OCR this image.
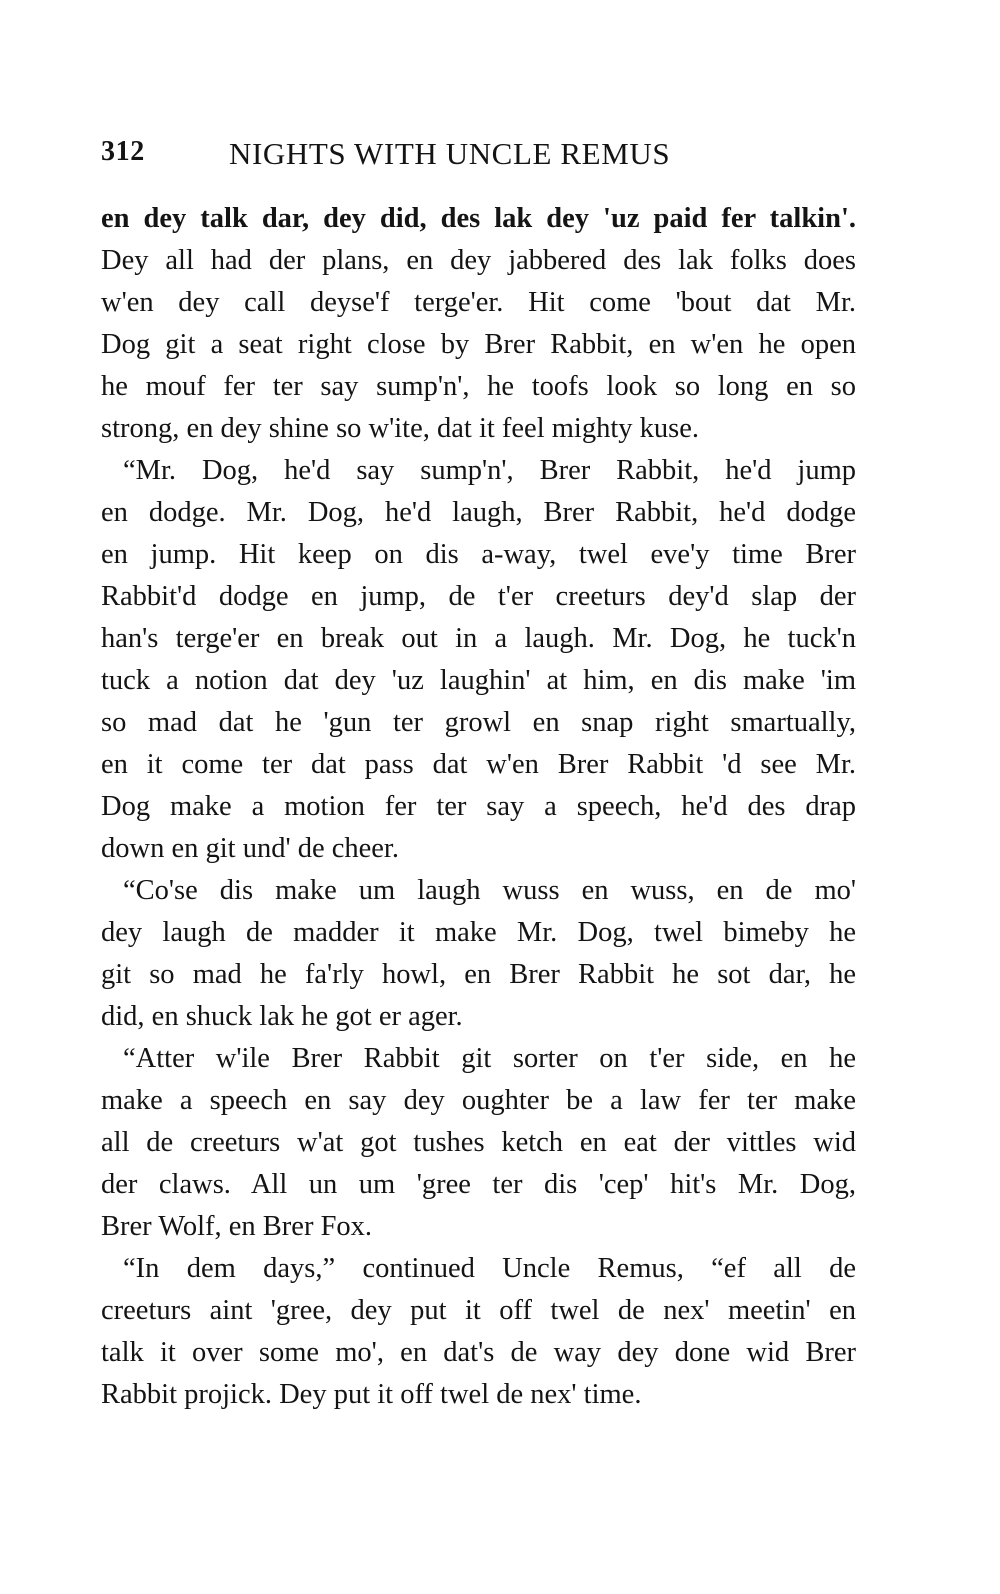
312	NIGHTS WITH UNCLE REMUS
en dey talk dar, dey did, des lak dey 'uz paid fer talkin'.
Dey all had der plans, en dey jabbered des lak folks does
w'en dey call deyse'f terge'er. Hit come 'bout dat Mr.
Dog git a seat right close by Brer Rabbit, en w'en he open
he mouf fer ter say sump'n', he toofs look so long en so
strong, en dey shine so w'ite, dat it feel mighty kuse.
“Mr. Dog, he'd say sump'n', Brer Rabbit, he'd jump
en dodge. Mr. Dog, he'd laugh, Brer Rabbit, he'd dodge
en jump. Hit keep on dis a-way, twel eve'y time Brer
Rabbit'd dodge en jump, de t'er creeturs dey'd slap der
han's terge'er en break out in a laugh. Mr. Dog, he tuck'n
tuck a notion dat dey 'uz laughin' at him, en dis make 'im
so mad dat he 'gun ter growl en snap right smartually,
en it come ter dat pass dat w'en Brer Rabbit 'd see Mr.
Dog make a motion fer ter say a speech, he'd des drap
down en git und' de cheer.
“Co'se dis make um laugh wuss en wuss, en de mo'
dey laugh de madder it make Mr. Dog, twel bimeby he
git so mad he fa'rly howl, en Brer Rabbit he sot dar, he
did, en shuck lak he got er ager.
“Atter w'ile Brer Rabbit git sorter on t'er side, en he
make a speech en say dey oughter be a law fer ter make
all de creeturs w'at got tushes ketch en eat der vittles wid
der claws. All un um 'gree ter dis 'cep' hit's Mr. Dog,
Brer Wolf, en Brer Fox.
“In dem days,” continued Uncle Remus, “ef all de
creeturs aint 'gree, dey put it off twel de nex' meetin' en
talk it over some mo', en dat's de way dey done wid Brer
Rabbit projick. Dey put it off twel de nex' time.
